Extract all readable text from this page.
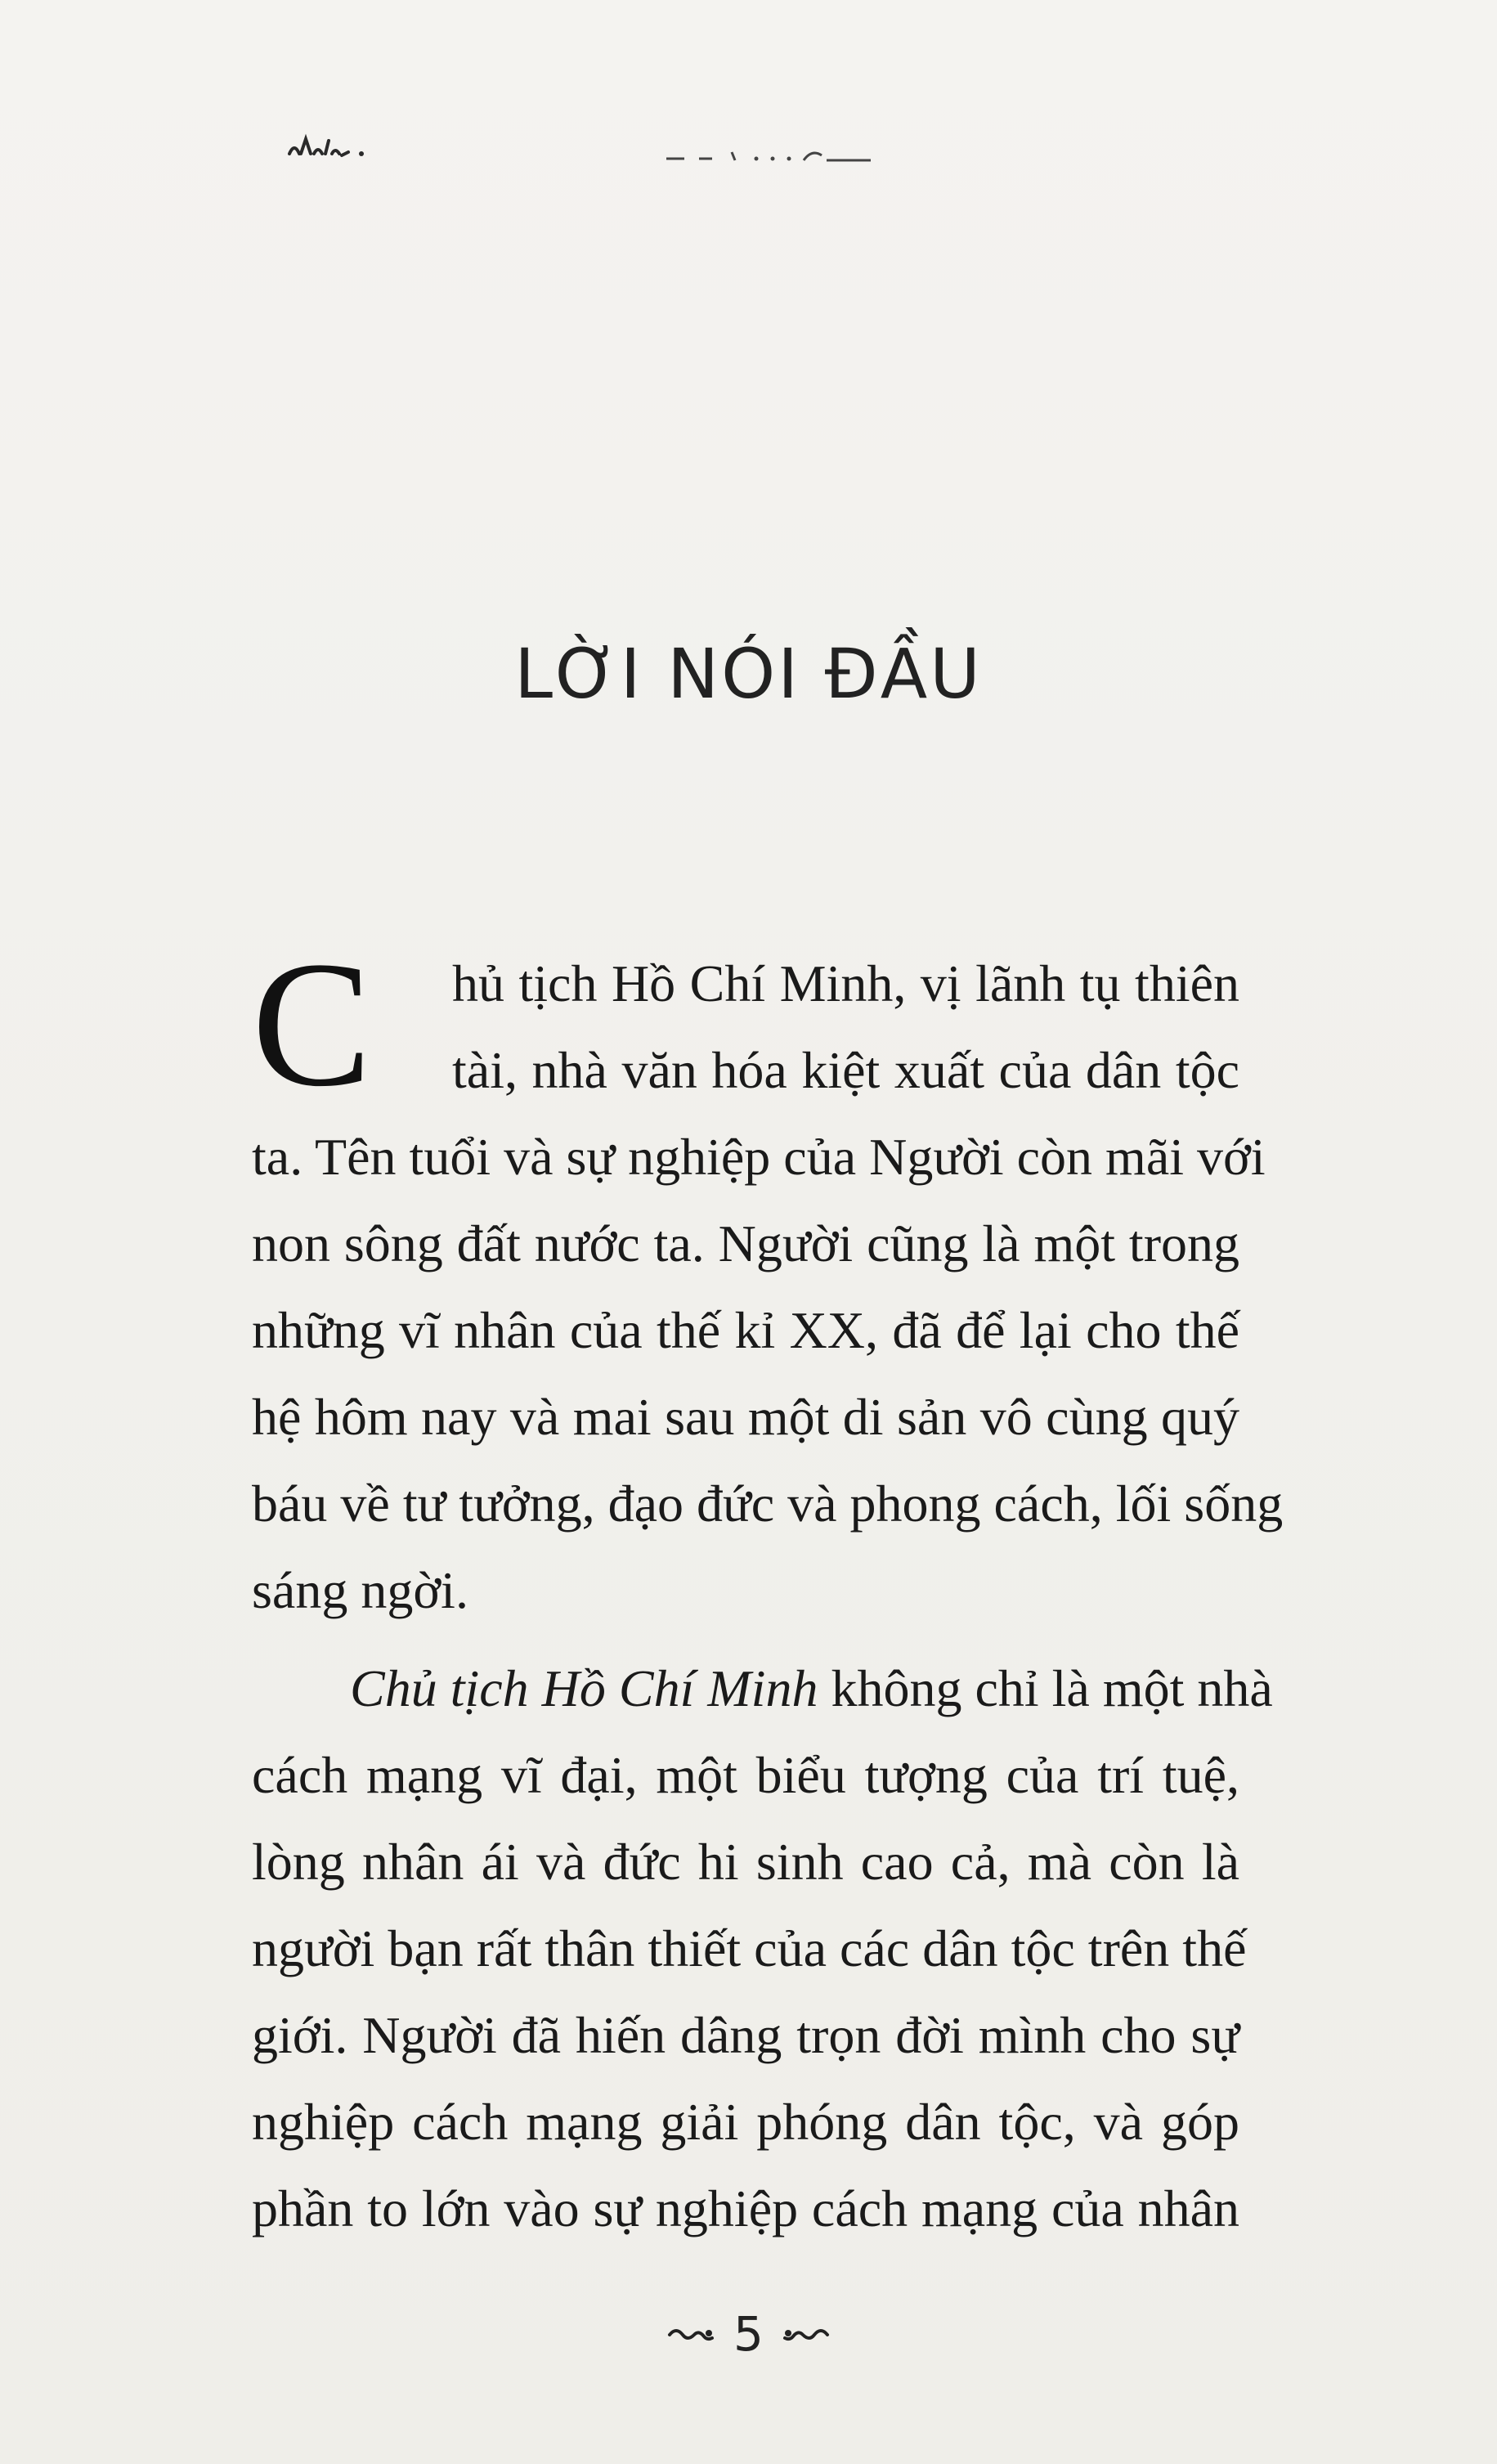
LỜI NÓI ĐẦU
C	hủ tịch Hồ Chí Minh, vị lãnh tụ thiên
tài, nhà văn hóa kiệt xuất của dân tộc
ta. Tên tuổi và sự nghiệp của Người còn mãi với
non sông đất nước ta. Người cũng là một trong
những vĩ nhân của thế kỉ XX, đã để lại cho thế
hệ hôm nay và mai sau một di sản vô cùng quý
báu về tư tưởng, đạo đức và phong cách, lối sống
sáng ngời.
Chủ tịch Hồ Chí Minh không chỉ là một nhà
cách mạng vĩ đại, một biểu tượng của trí tuệ,
lòng nhân ái và đức hi sinh cao cả, mà còn là
người bạn rất thân thiết của các dân tộc trên thế
giới. Người đã hiến dâng trọn đời mình cho sự
nghiệp cách mạng giải phóng dân tộc, và góp
phần to lớn vào sự nghiệp cách mạng của nhân
5
